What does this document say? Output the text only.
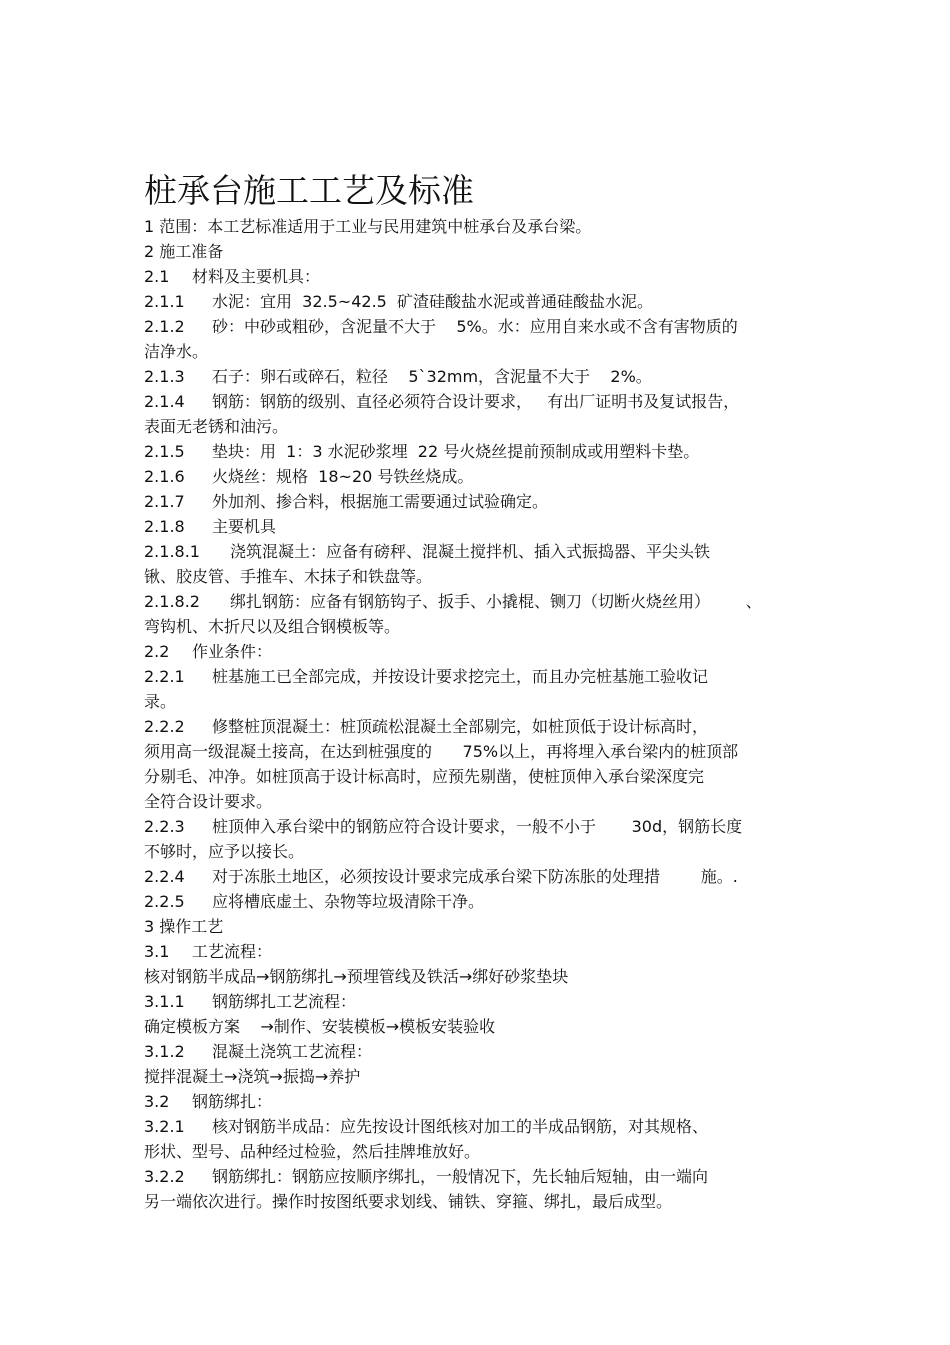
桩承台施工工艺及标准
1 范围：本工艺标准适用于工业与民用建筑中桩承台及承台梁。
2 施工准备
2.1 材料及主要机具：
2.1.1 水泥：宜用  32.5~42.5  矿渣硅酸盐水泥或普通硅酸盐水泥。
2.1.2 砂：中砂或粗砂，含泥量不大于    5%。水：应用自来水或不含有害物质的
洁净水。
2.1.3 石子：卵石或碎石，粒径    5`32mm，含泥量不大于    2%。
2.1.4 钢筋：钢筋的级别、直径必须符合设计要求，   有出厂证明书及复试报告，
表面无老锈和油污。
2.1.5 垫块：用  1：3 水泥砂浆埋  22 号火烧丝提前预制成或用塑料卡垫。
2.1.6 火烧丝：规格  18~20 号铁丝烧成。
2.1.7 外加剂、掺合料，根据施工需要通过试验确定。
2.1.8 主要机具
2.1.8.1 浇筑混凝土：应备有磅秤、混凝土搅拌机、插入式振捣器、平尖头铁
锹、胶皮管、手推车、木抹子和铁盘等。
2.1.8.2 绑扎钢筋：应备有钢筋钩子、扳手、小撬棍、铡刀（切断火烧丝用）       、
弯钩机、木折尺以及组合钢模板等。
2.2 作业条件：
2.2.1 桩基施工已全部完成，并按设计要求挖完土，而且办完桩基施工验收记
录。
2.2.2 修整桩顶混凝土：桩顶疏松混凝土全部剔完，如桩顶低于设计标高时，
须用高一级混凝土接高，在达到桩强度的      75%以上，再将埋入承台梁内的桩顶部
分剔毛、冲净。如桩顶高于设计标高时，应预先剔凿，使桩顶伸入承台梁深度完
全符合设计要求。
2.2.3 桩顶伸入承台梁中的钢筋应符合设计要求，一般不小于       30d，钢筋长度
不够时，应予以接长。
2.2.4 对于冻胀土地区，必须按设计要求完成承台梁下防冻胀的处理措        施。.
2.2.5 应将槽底虚土、杂物等垃圾清除干净。
3 操作工艺
3.1 工艺流程：
核对钢筋半成品→钢筋绑扎→预埋管线及铁活→绑好砂浆垫块
3.1.1 钢筋绑扎工艺流程：
确定模板方案    →制作、安装模板→模板安装验收
3.1.2 混凝土浇筑工艺流程：
搅拌混凝土→浇筑→振捣→养护
3.2 钢筋绑扎：
3.2.1 核对钢筋半成品：应先按设计图纸核对加工的半成品钢筋，对其规格、
形状、型号、品种经过检验，然后挂牌堆放好。
3.2.2 钢筋绑扎：钢筋应按顺序绑扎，一般情况下，先长轴后短轴，由一端向
另一端依次进行。操作时按图纸要求划线、铺铁、穿箍、绑扎，最后成型。
